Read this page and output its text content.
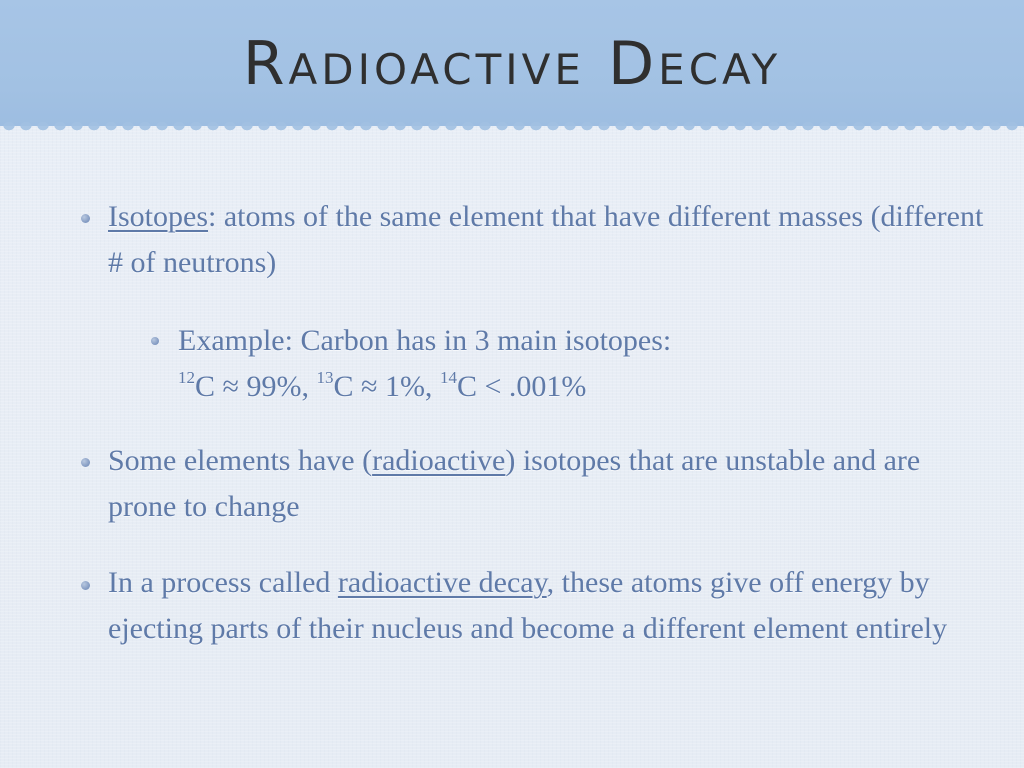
Radioactive Decay
Isotopes: atoms of the same element that have different masses (different # of neutrons)
Example: Carbon has in 3 main isotopes:
$^{12}$C ≈ 99%, $^{13}$C ≈ 1%, $^{14}$C < .001%
Some elements have (radioactive) isotopes that are unstable and are prone to change
In a process called radioactive decay, these atoms give off energy by ejecting parts of their nucleus and become a different element entirely
